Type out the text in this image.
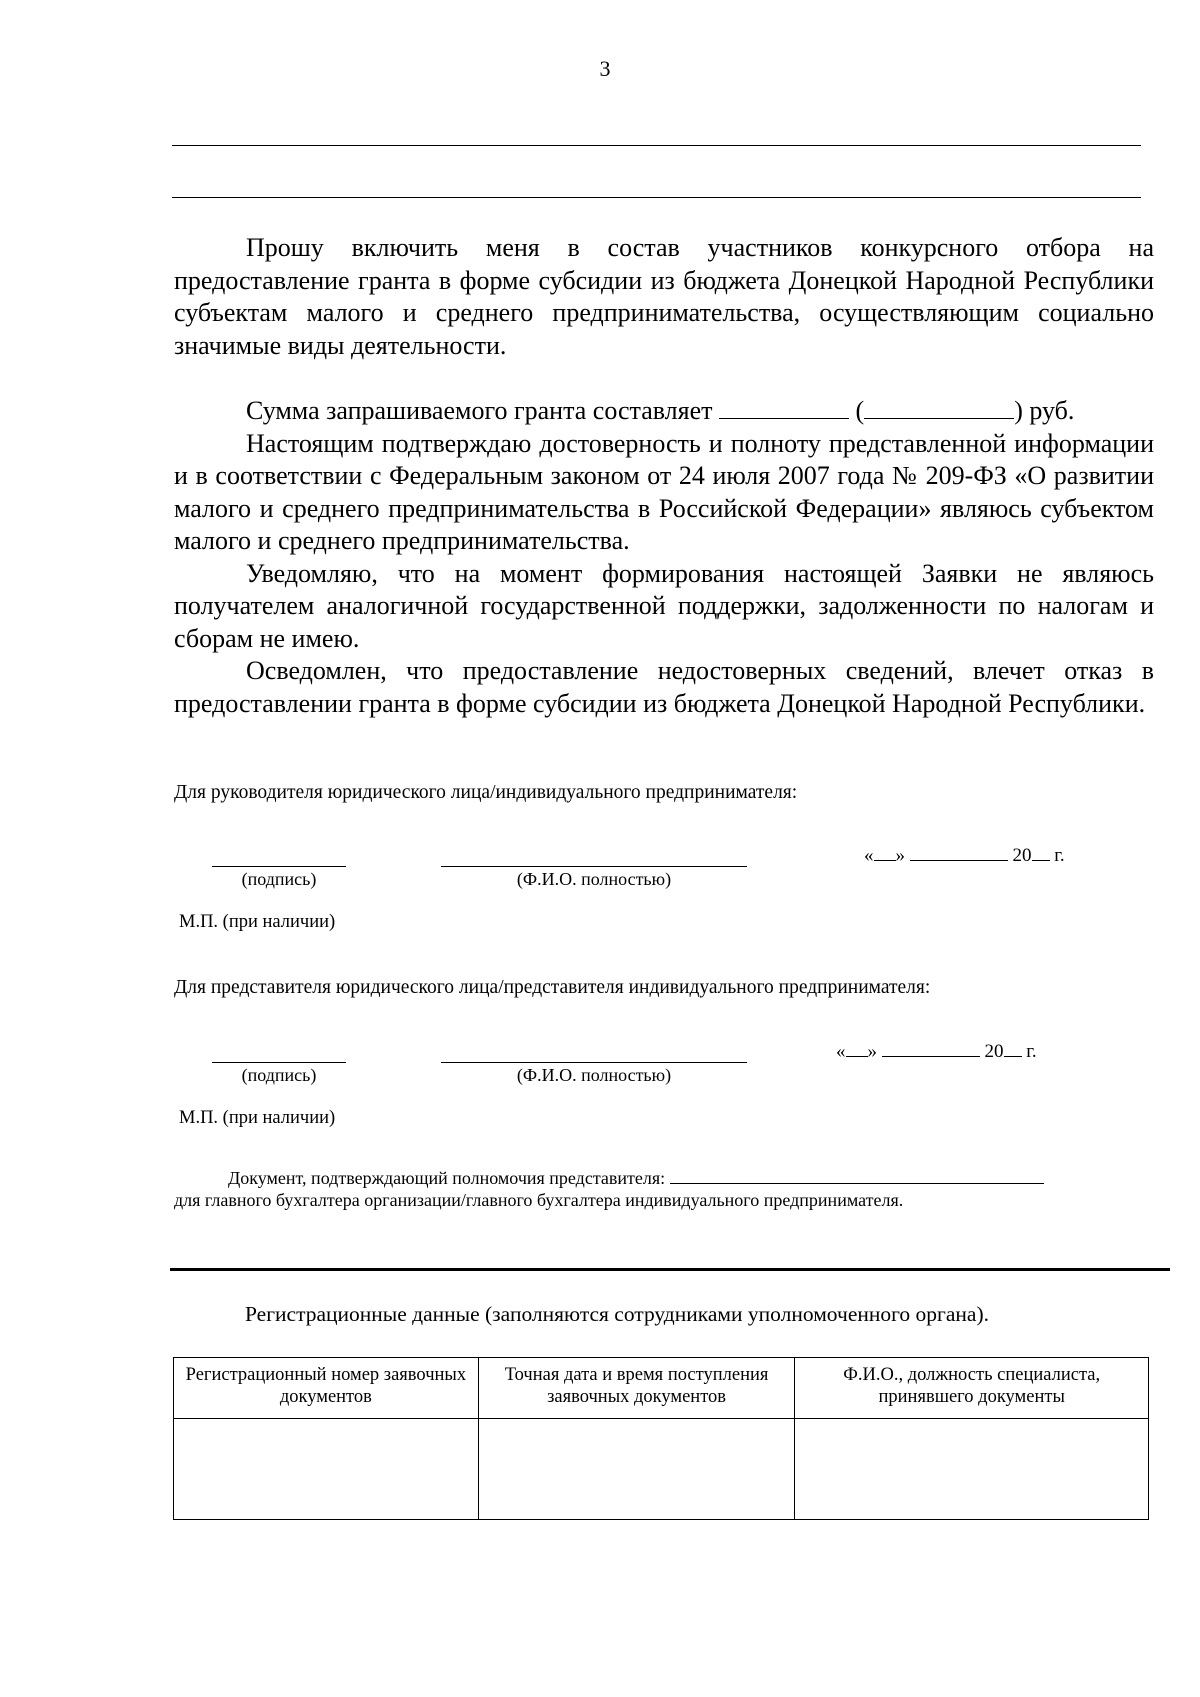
3

Прошу включить меня в состав участников конкурсного отбора на предоставление гранта в форме субсидии из бюджета Донецкой Народной Республики субъектам малого и среднего предпринимательства, осуществляющим социально значимые виды деятельности.

Сумма запрашиваемого гранта составляет	(	) руб.

Настоящим подтверждаю достоверность и полноту представленной информации и в соответствии с Федеральным законом от 24 июля 2007 года № 209-ФЗ «О развитии малого и среднего предпринимательства в Российской Федерации» являюсь субъектом малого и среднего предпринимательства.

Уведомляю, что на момент формирования настоящей Заявки не являюсь получателем аналогичной государственной поддержки, задолженности по налогам и сборам не имею.

Осведомлен, что предоставление недостоверных сведений, влечет отказ в предоставлении гранта в форме субсидии из бюджета Донецкой Народной Республики.

Для руководителя юридического лица/индивидуального предпринимателя:
(подпись)	(Ф.И.О. полностью)
« »	20 г.
М.П. (при наличии)
Для представителя юридического лица/представителя индивидуального предпринимателя:
(подпись)	(Ф.И.О. полностью)
« »	20 г.
М.П. (при наличии)
Документ, подтверждающий полномочия представителя:
для главного бухгалтера организации/главного бухгалтера индивидуального предпринимателя.
Регистрационные данные (заполняются сотрудниками уполномоченного органа).
Регистрационный номер заявочных документов	Точная дата и время поступления заявочных документов	Ф.И.О., должность специалиста, принявшего документы
